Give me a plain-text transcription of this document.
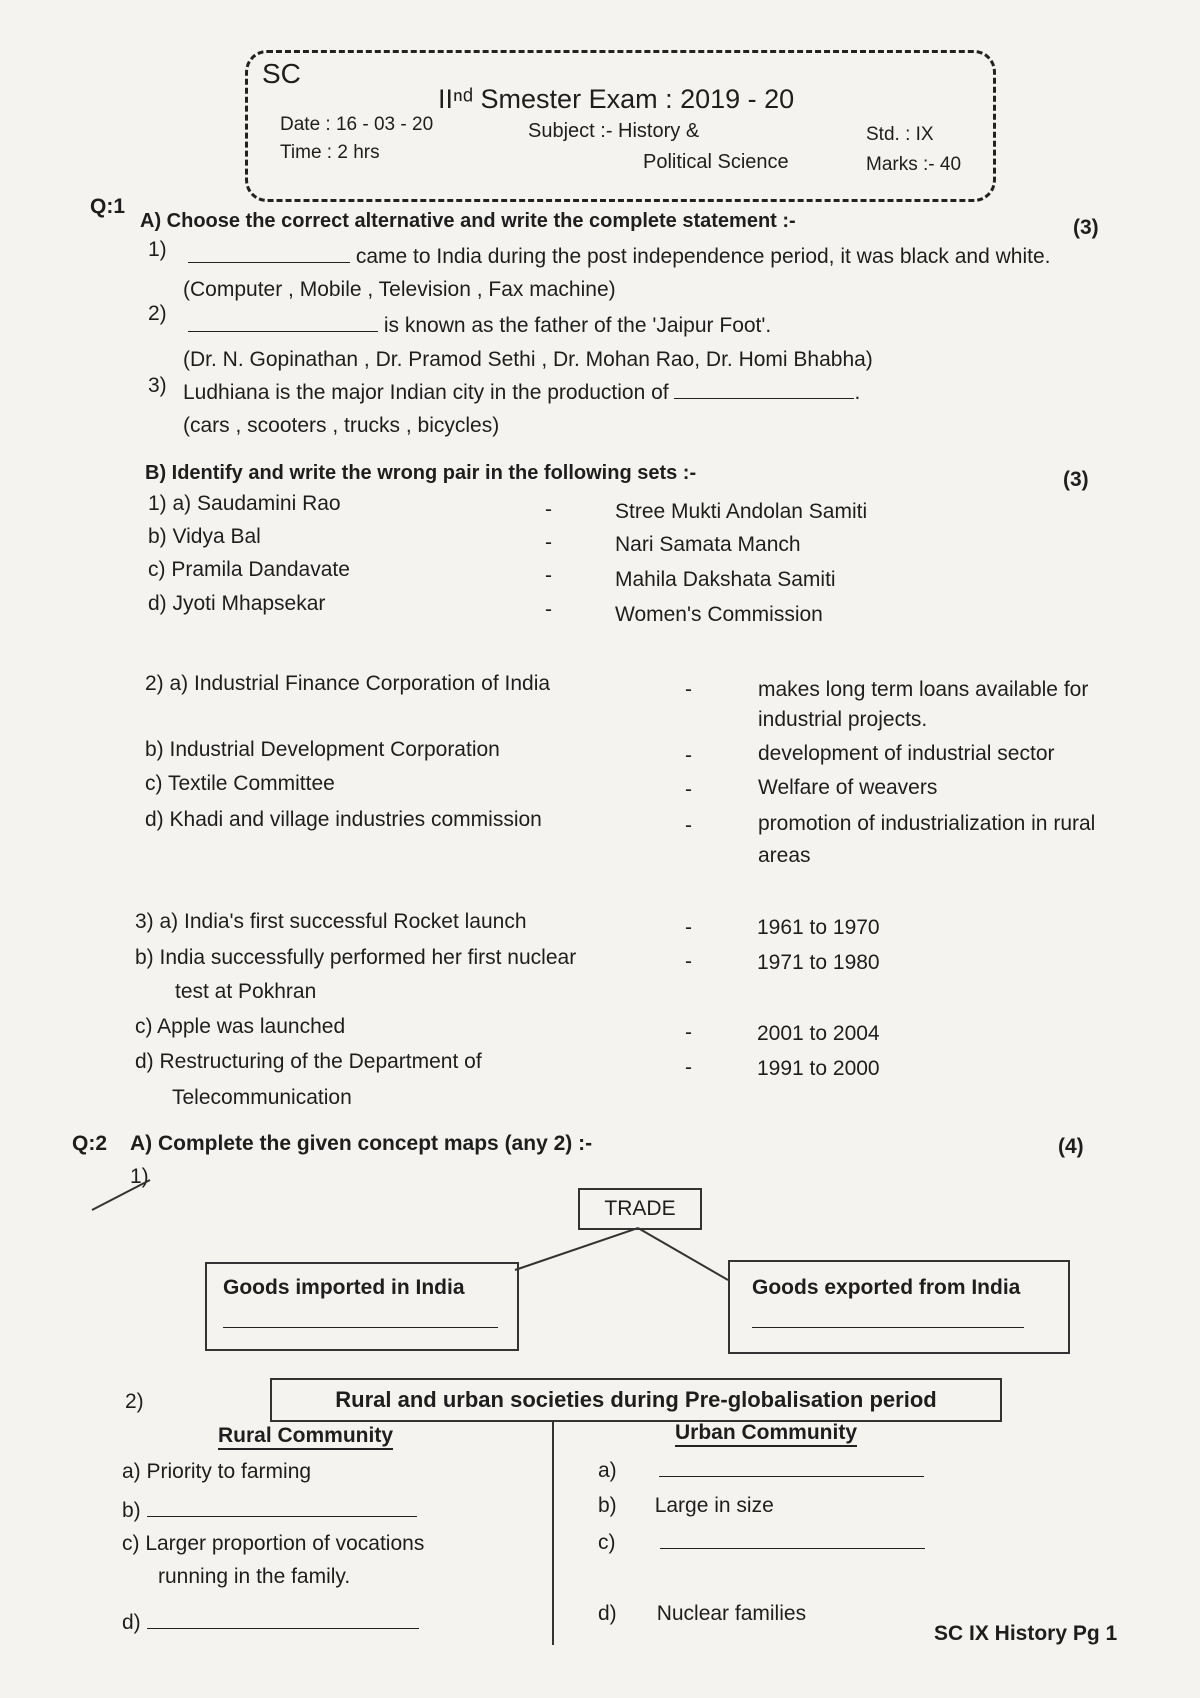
SC
IIⁿᵈ Smester Exam : 2019 - 20
Date : 16 - 03 - 20
Time : 2 hrs
Subject :- History &
Political Science
Std. : IX
Marks :- 40
Q:1
A) Choose the correct alternative and write the complete statement :-	(3)
1)	came to India during the post independence period, it was black and white.
(Computer , Mobile , Television , Fax machine)
2)
is known as the father of the 'Jaipur Foot'.
(Dr. N. Gopinathan , Dr. Pramod Sethi , Dr. Mohan Rao, Dr. Homi Bhabha)
3) Ludhiana is the major Indian city in the production of	.
(cars , scooters , trucks , bicycles)
B) Identify and write the wrong pair in the following sets :-	(3)
1) a) Saudamini Rao	-	Stree Mukti Andolan Samiti
b) Vidya Bal	-	Nari Samata Manch
c) Pramila Dandavate	-	Mahila Dakshata Samiti
d) Jyoti Mhapsekar	-	Women's Commission
2) a) Industrial Finance Corporation of India	-	makes long term loans available for
industrial projects.
b) Industrial Development Corporation	-	development of industrial sector
c) Textile Committee	-	Welfare of weavers
d) Khadi and village industries commission	-	promotion of industrialization in rural
areas
3) a) India's first successful Rocket launch	-	1961 to 1970
b) India successfully performed her first nuclear
test at Pokhran
-	1971 to 1980
c) Apple was launched	-	2001 to 2004
d) Restructuring of the Department of
Telecommunication
-	1991 to 2000
Q:2 A) Complete the given concept maps (any 2) :-	(4)
1)
TRADE
Goods imported in India	Goods exported from India
2)	Rural and urban societies during Pre-globalisation period
Rural Community	Urban Community
a) Priority to farming
b)
c) Larger proportion of vocations
running in the family.
d)
a)
b) Large in size
c)
d) Nuclear families
SC IX History Pg 1
